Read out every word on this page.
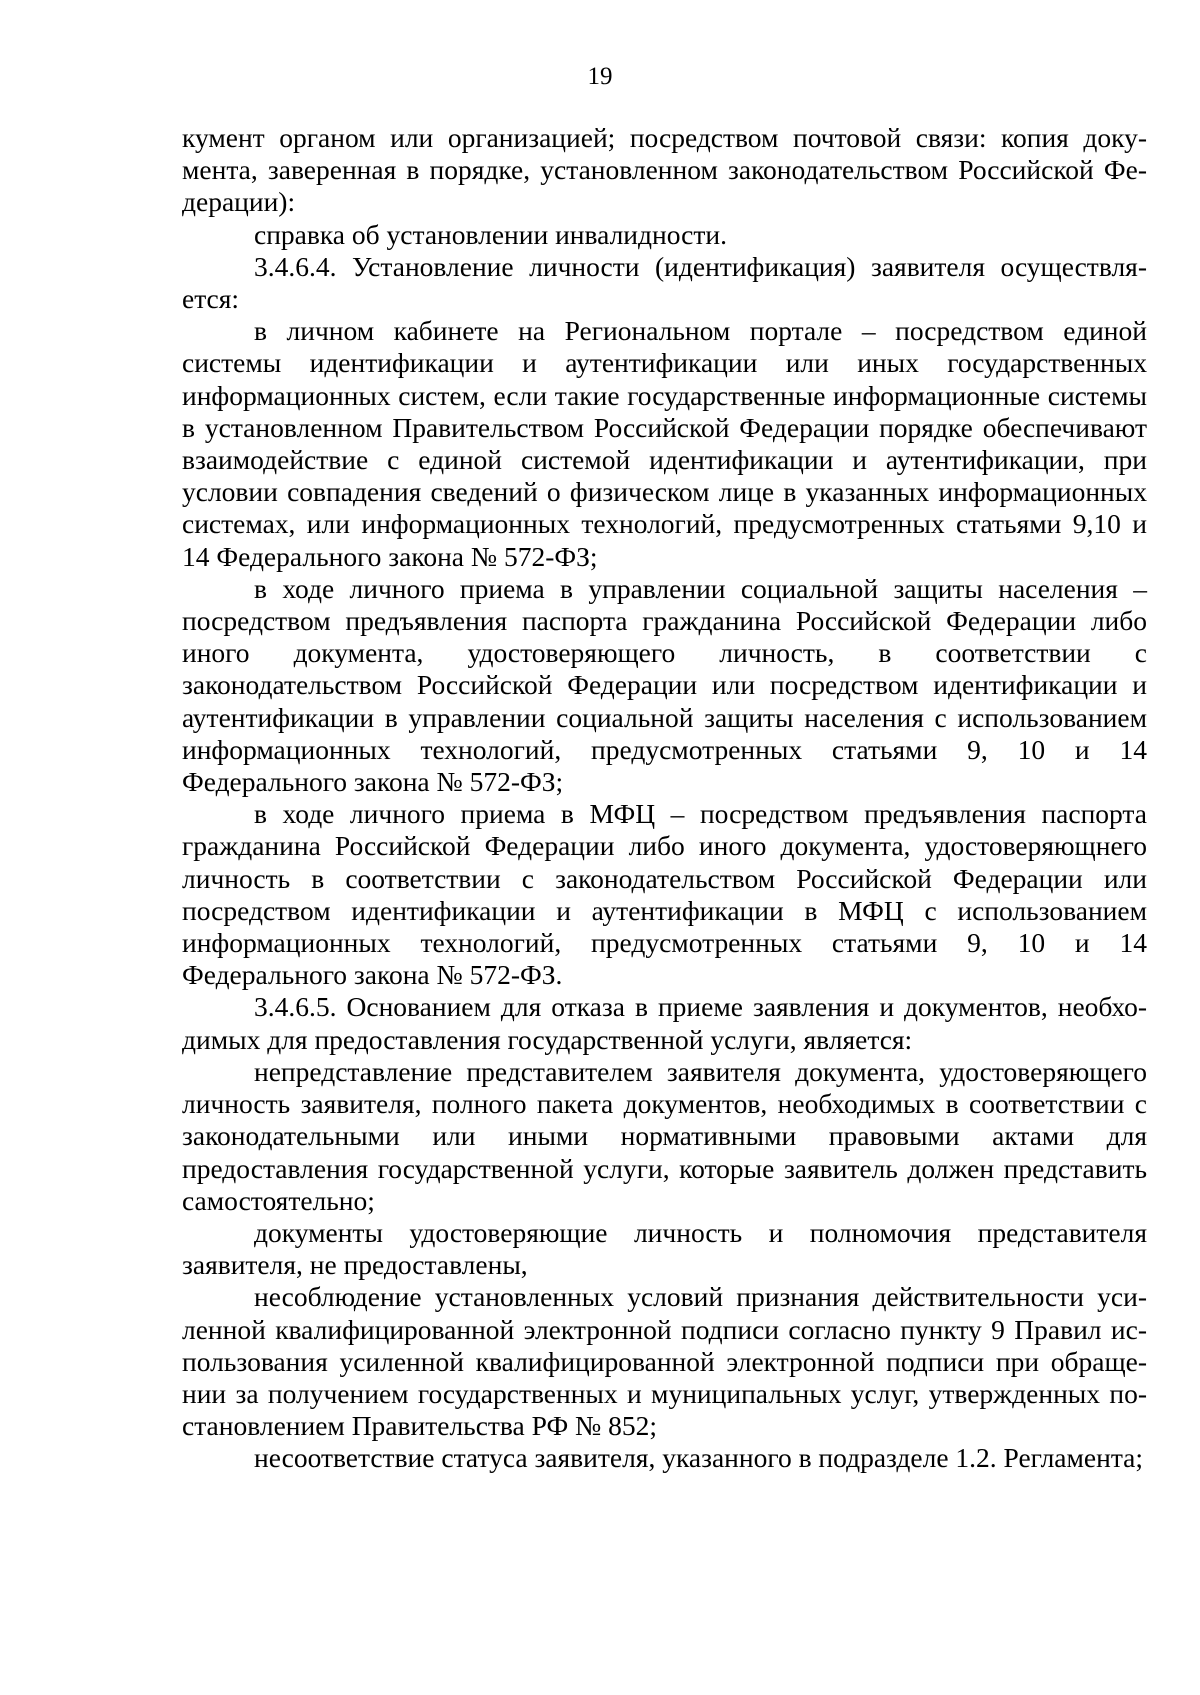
19

кумент органом или организацией; посредством почтовой связи: копия документа, заверенная в порядке, установленном законодательством Российской Федерации):

справка об установлении инвалидности.

3.4.6.4. Установление личности (идентификация) заявителя осуществляется:

в личном кабинете на Региональном портале – посредством единой системы идентификации и аутентификации или иных государственных информационных систем, если такие государственные информационные системы в установленном Правительством Российской Федерации порядке обеспечивают взаимодействие с единой системой идентификации и аутентификации, при условии совпадения сведений о физическом лице в указанных информационных системах, или информационных технологий, предусмотренных статьями 9,10 и 14 Федерального закона № 572-ФЗ;

в ходе личного приема в управлении социальной защиты населения – посредством предъявления паспорта гражданина Российской Федерации либо иного документа, удостоверяющего личность, в соответствии с законодательством Российской Федерации или посредством идентификации и аутентификации в управлении социальной защиты населения с использованием информационных технологий, предусмотренных статьями 9, 10 и 14 Федерального закона № 572-ФЗ;

в ходе личного приема в МФЦ – посредством предъявления паспорта гражданина Российской Федерации либо иного документа, удостоверяющнего личность в соответствии с законодательством Российской Федерации или посредством идентификации и аутентификации в МФЦ с использованием информационных технологий, предусмотренных статьями 9, 10 и 14 Федерального закона № 572-ФЗ.

3.4.6.5. Основанием для отказа в приеме заявления и документов, необходимых для предоставления государственной услуги, является:

непредставление представителем заявителя документа, удостоверяющего личность заявителя, полного пакета документов, необходимых в соответствии с законодательными или иными нормативными правовыми актами для предоставления государственной услуги, которые заявитель должен представить самостоятельно;

документы удостоверяющие личность и полномочия представителя заявителя, не предоставлены,

несоблюдение установленных условий признания действительности усиленной квалифицированной электронной подписи согласно пункту 9 Правил использования усиленной квалифицированной электронной подписи при обращении за получением государственных и муниципальных услуг, утвержденных постановлением Правительства РФ № 852;

несоответствие статуса заявителя, указанного в подразделе 1.2. Регламента;
